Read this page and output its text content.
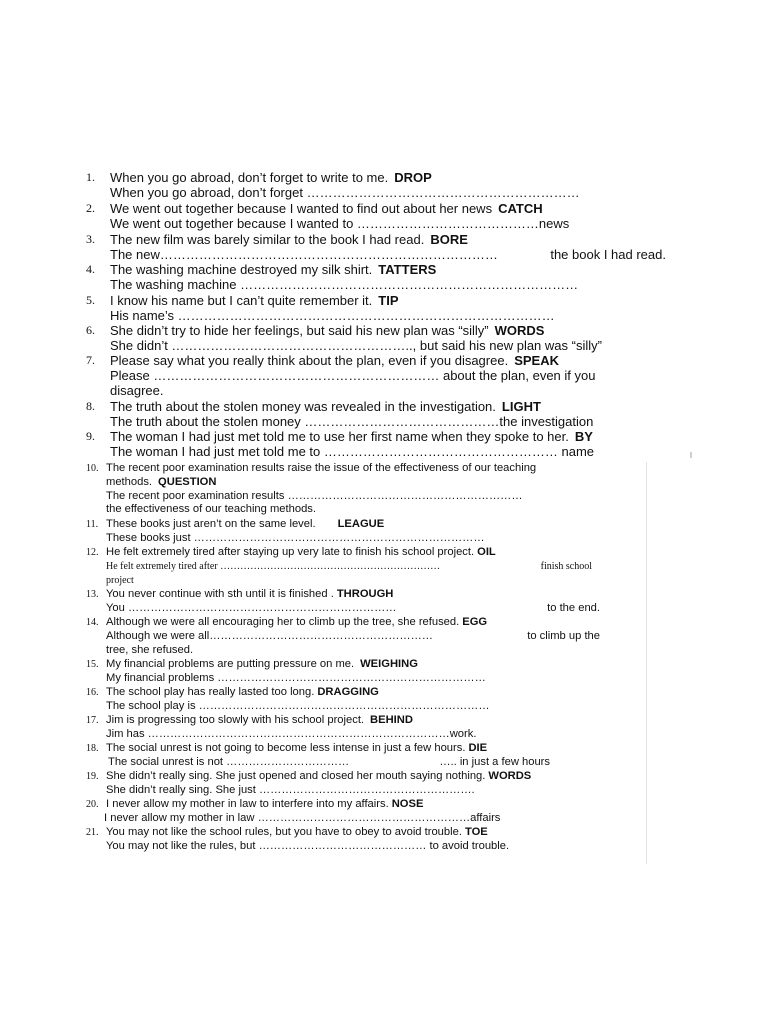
1. When you go abroad, don’t forget to write to me. DROP
When you go abroad, don’t forget ………………………………………………………
2. We went out together because I wanted to find out about her news CATCH
We went out together because I wanted to ……………………………………news
3. The new film was barely similar to the book I had read. BORE
The new……………………………………………………………………	the book I had read.
4. The washing machine destroyed my silk shirt. TATTERS
The washing machine ……………………………………………………………………
5. I know his name but I can’t quite remember it. TIP
His name’s ……………………………………………………………………………
6. She didn’t try to hide her feelings, but said his new plan was “silly” WORDS
She didn’t ……………………………………………….., but said his new plan was “silly”
7. Please say what you really think about the plan, even if you disagree. SPEAK
Please ………………………………………………………… about the plan, even if you
disagree.
8. The truth about the stolen money was revealed in the investigation. LIGHT
The truth about the stolen money ………………………………………the investigation
9. The woman I had just met told me to use her first name when they spoke to her. BY
The woman I had just met told me to ……………………………………………… name
10. The recent poor examination results raise the issue of the effectiveness of our teaching
methods. QUESTION
The recent poor examination results ………………………………………………………
the effectiveness of our teaching methods.
11. These books just aren’t on the same level. LEAGUE
These books just ……………………………………………………………………
12. He felt extremely tired after staying up very late to finish his school project. OIL
He felt extremely tired after …………………………………………………………	finish school
project
13. You never continue with sth until it is finished . THROUGH
You ………………………………………………………………	to the end.
14. Although we were all encouraging her to climb up the tree, she refused. EGG
Although we were all……………………………………………………	to climb up the
tree, she refused.
15. My financial problems are putting pressure on me. WEIGHING
My financial problems ………………………………………………………………
16. The school play has really lasted too long. DRAGGING
The school play is ……………………………………………………………………
17. Jim is progressing too slowly with his school project. BEHIND
Jim has ………………………………………………………………………work.
18. The social unrest is not going to become less intense in just a few hours. DIE
The social unrest is not ……………………………	….. in just a few hours
19. She didn’t really sing. She just opened and closed her mouth saying nothing. WORDS
She didn’t really sing. She just ………………………………………………….
20. I never allow my mother in law to interfere into my affairs. NOSE
I never allow my mother in law …………………………………………………affairs
21. You may not like the school rules, but you have to obey to avoid trouble. TOE
You may not like the rules, but ……………………………………… to avoid trouble.
